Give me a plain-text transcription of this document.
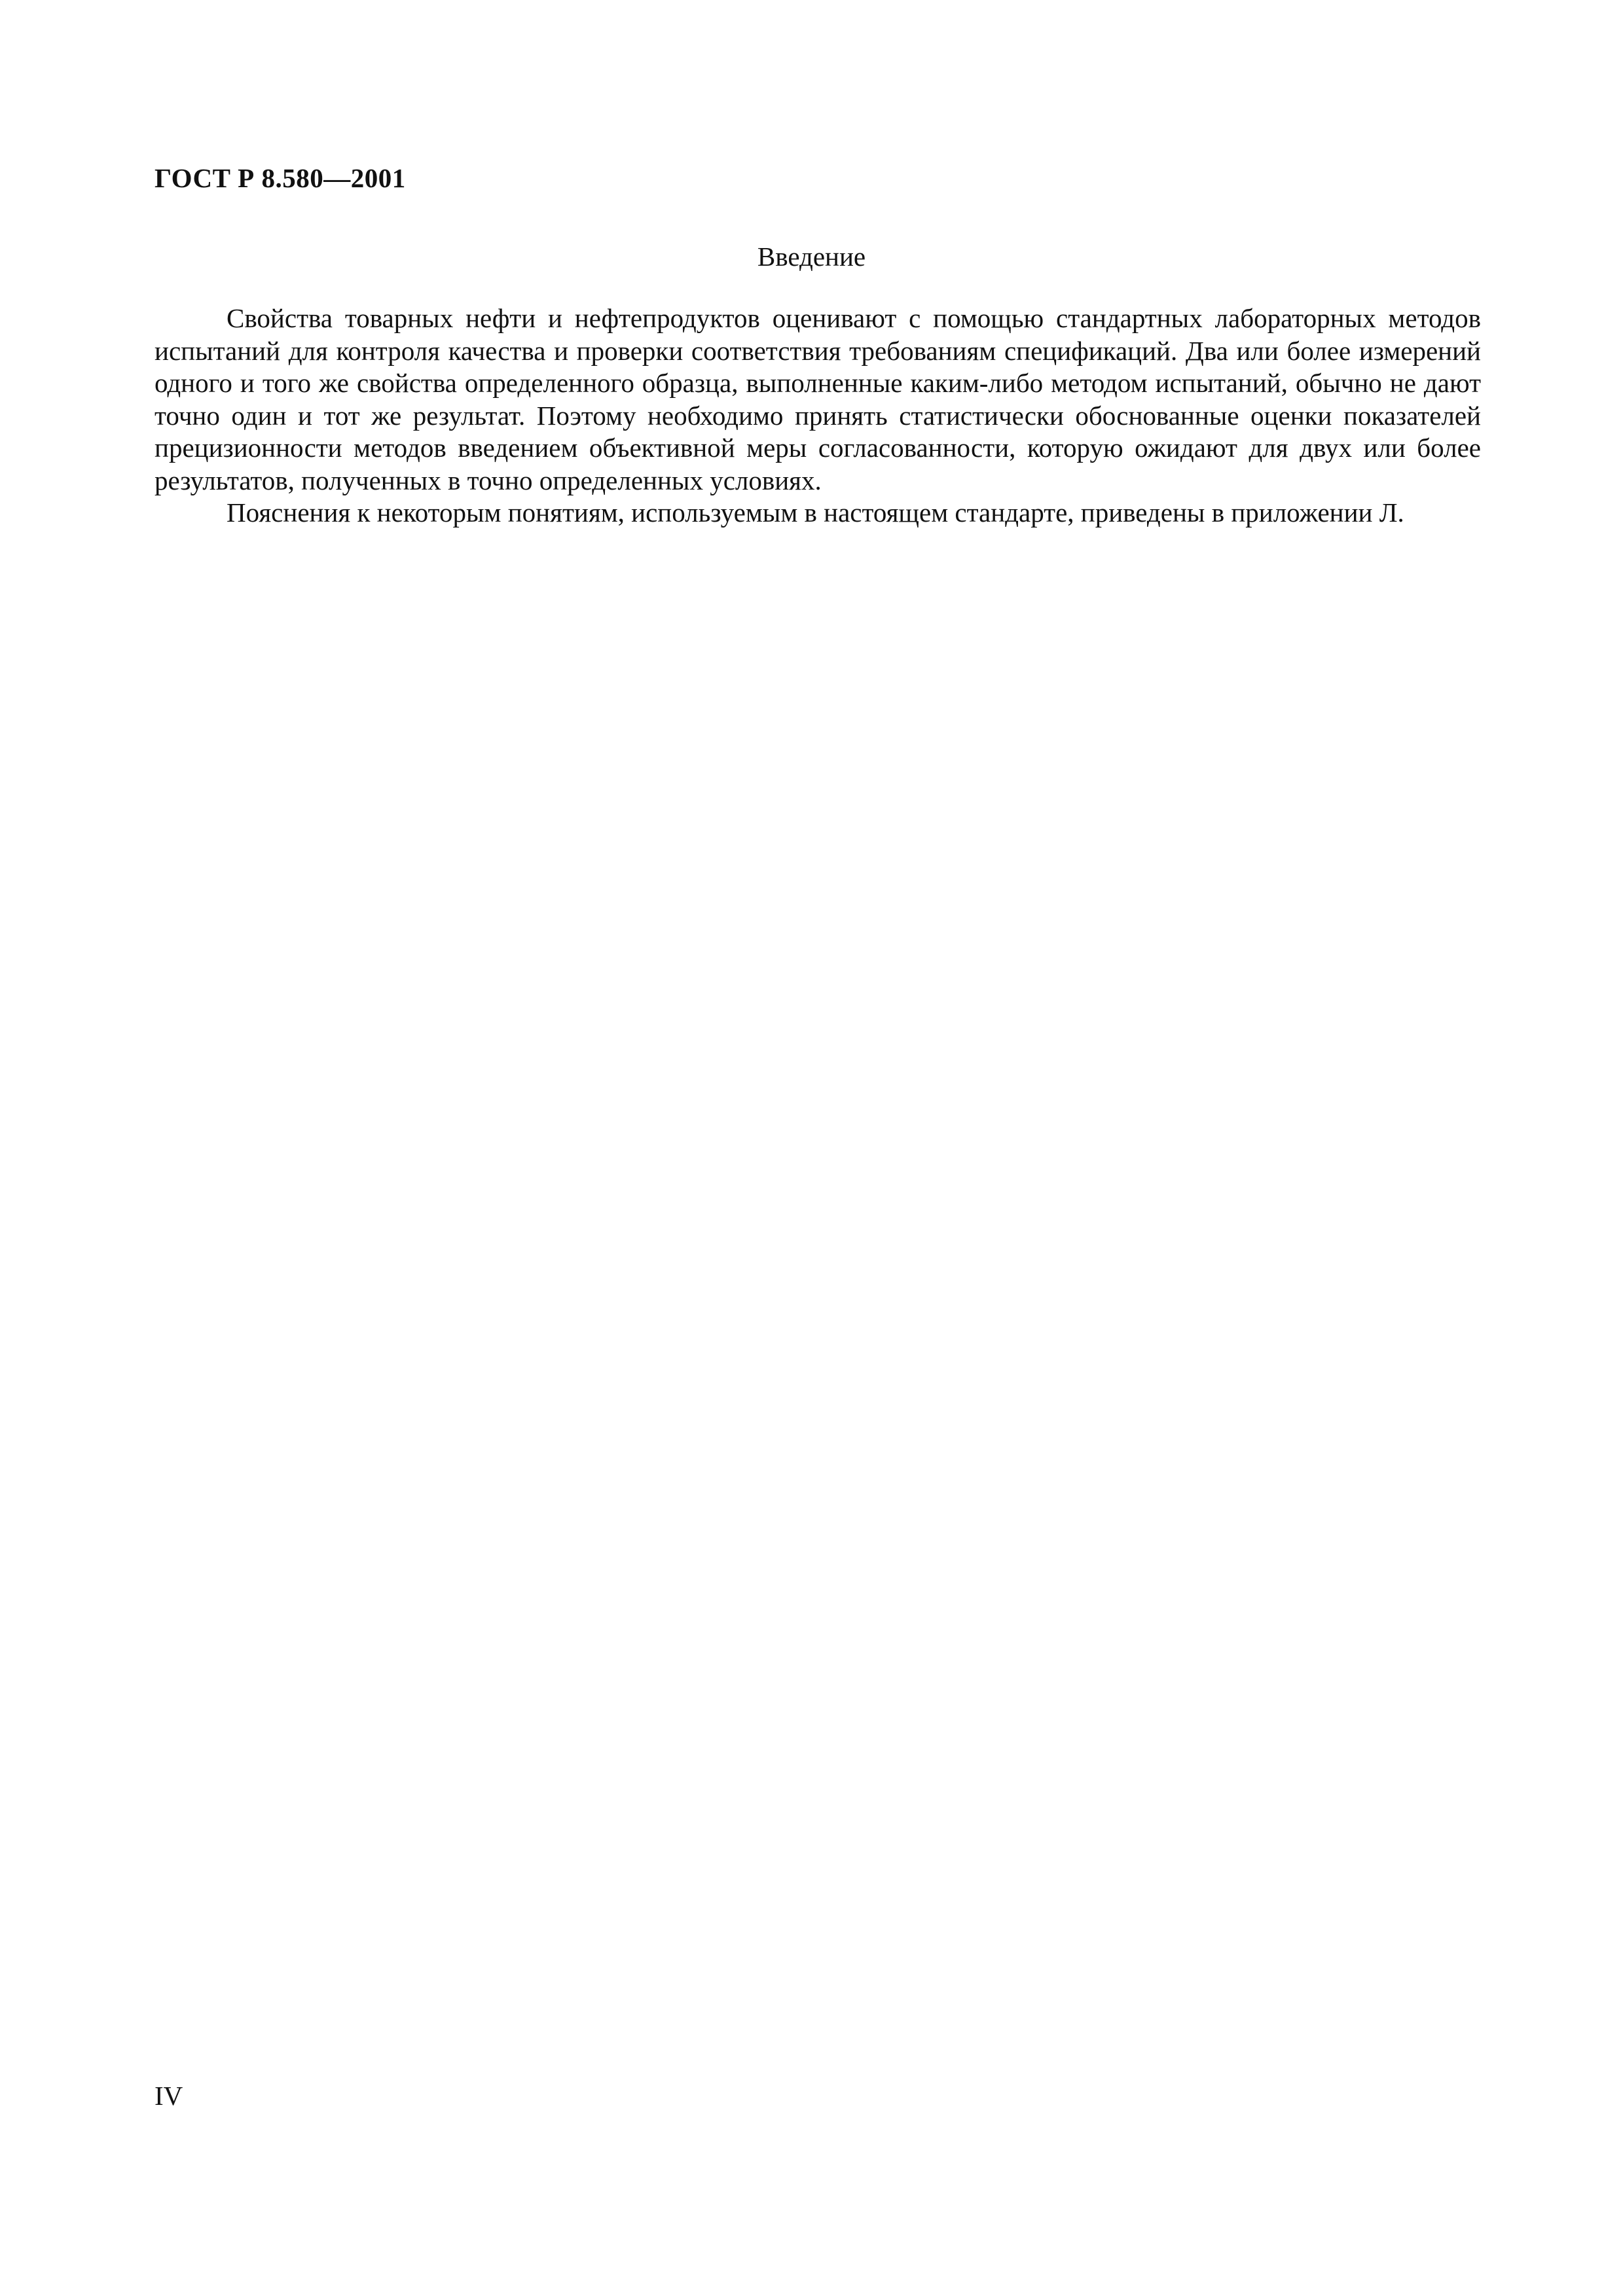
ГОСТ Р 8.580—2001
Введение

Свойства товарных нефти и нефтепродуктов оценивают с помощью стандартных лабораторных методов испытаний для контроля качества и проверки соответствия требованиям спецификаций. Два или более измерений одного и того же свойства определенного образца, выполненные каким-либо методом испытаний, обычно не дают точно один и тот же результат. Поэтому необходимо принять статистически обоснованные оценки показателей прецизионности методов введением объективной меры согласованности, которую ожидают для двух или более результатов, полученных в точно определенных условиях.

Пояснения к некоторым понятиям, используемым в настоящем стандарте, приведены в приложении Л.

IV
